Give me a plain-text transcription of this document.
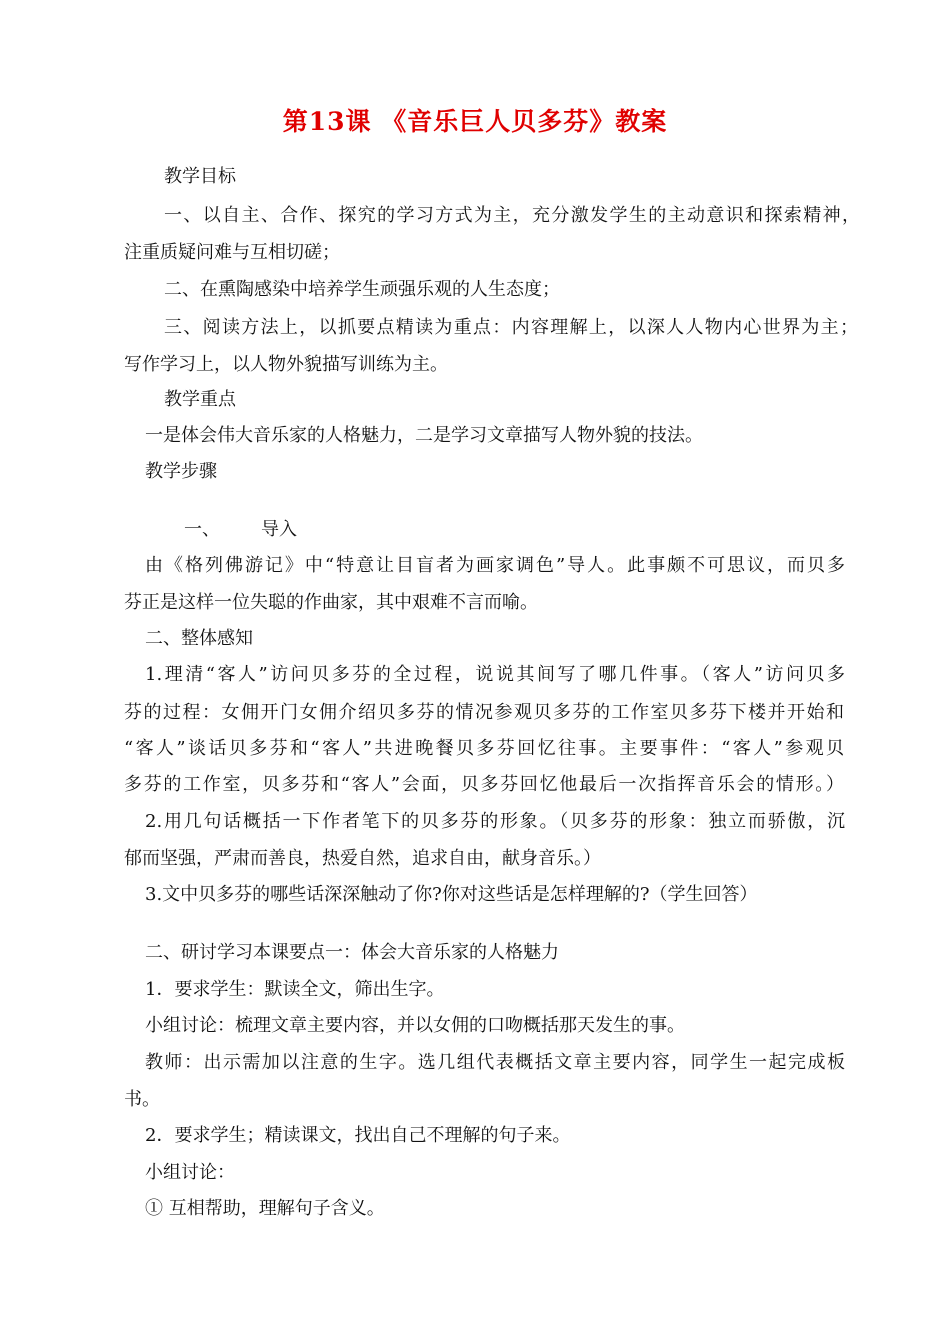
第13课 《音乐巨人贝多芬》教案
教学目标
一、以自主、合作、探究的学习方式为主，充分激发学生的主动意识和探索精神，
注重质疑问难与互相切磋；
二、在熏陶感染中培养学生顽强乐观的人生态度；
三、阅读方法上，以抓要点精读为重点：内容理解上，以深人人物内心世界为主；
写作学习上，以人物外貌描写训练为主。
教学重点
一是体会伟大音乐家的人格魅力，二是学习文章描写人物外貌的技法。
教学步骤
一、 导入
由《格列佛游记》中“特意让目盲者为画家调色”导人。此事颇不可思议，而贝多
芬正是这样一位失聪的作曲家，其中艰难不言而喻。
二、整体感知
1.理清“客人”访问贝多芬的全过程，说说其间写了哪几件事。（客人”访问贝多
芬的过程：女佣开门女佣介绍贝多芬的情况参观贝多芬的工作室贝多芬下楼并开始和
“客人”谈话贝多芬和“客人”共进晚餐贝多芬回忆往事。主要事件：“客人”参观贝
多芬的工作室，贝多芬和“客人”会面，贝多芬回忆他最后一次指挥音乐会的情形。）
2.用几句话概括一下作者笔下的贝多芬的形象。（贝多芬的形象：独立而骄傲，沉
郁而坚强，严肃而善良，热爱自然，追求自由，献身音乐。）
3.文中贝多芬的哪些话深深触动了你?你对这些话是怎样理解的?（学生回答）
二、研讨学习本课要点一：体会大音乐家的人格魅力
1．要求学生：默读全文，筛出生字。
小组讨论：梳理文章主要内容，并以女佣的口吻概括那天发生的事。
教师：出示需加以注意的生字。选几组代表概括文章主要内容，同学生一起完成板
书。
2．要求学生；精读课文，找出自己不理解的句子来。
小组讨论：
① 互相帮助，理解句子含义。
